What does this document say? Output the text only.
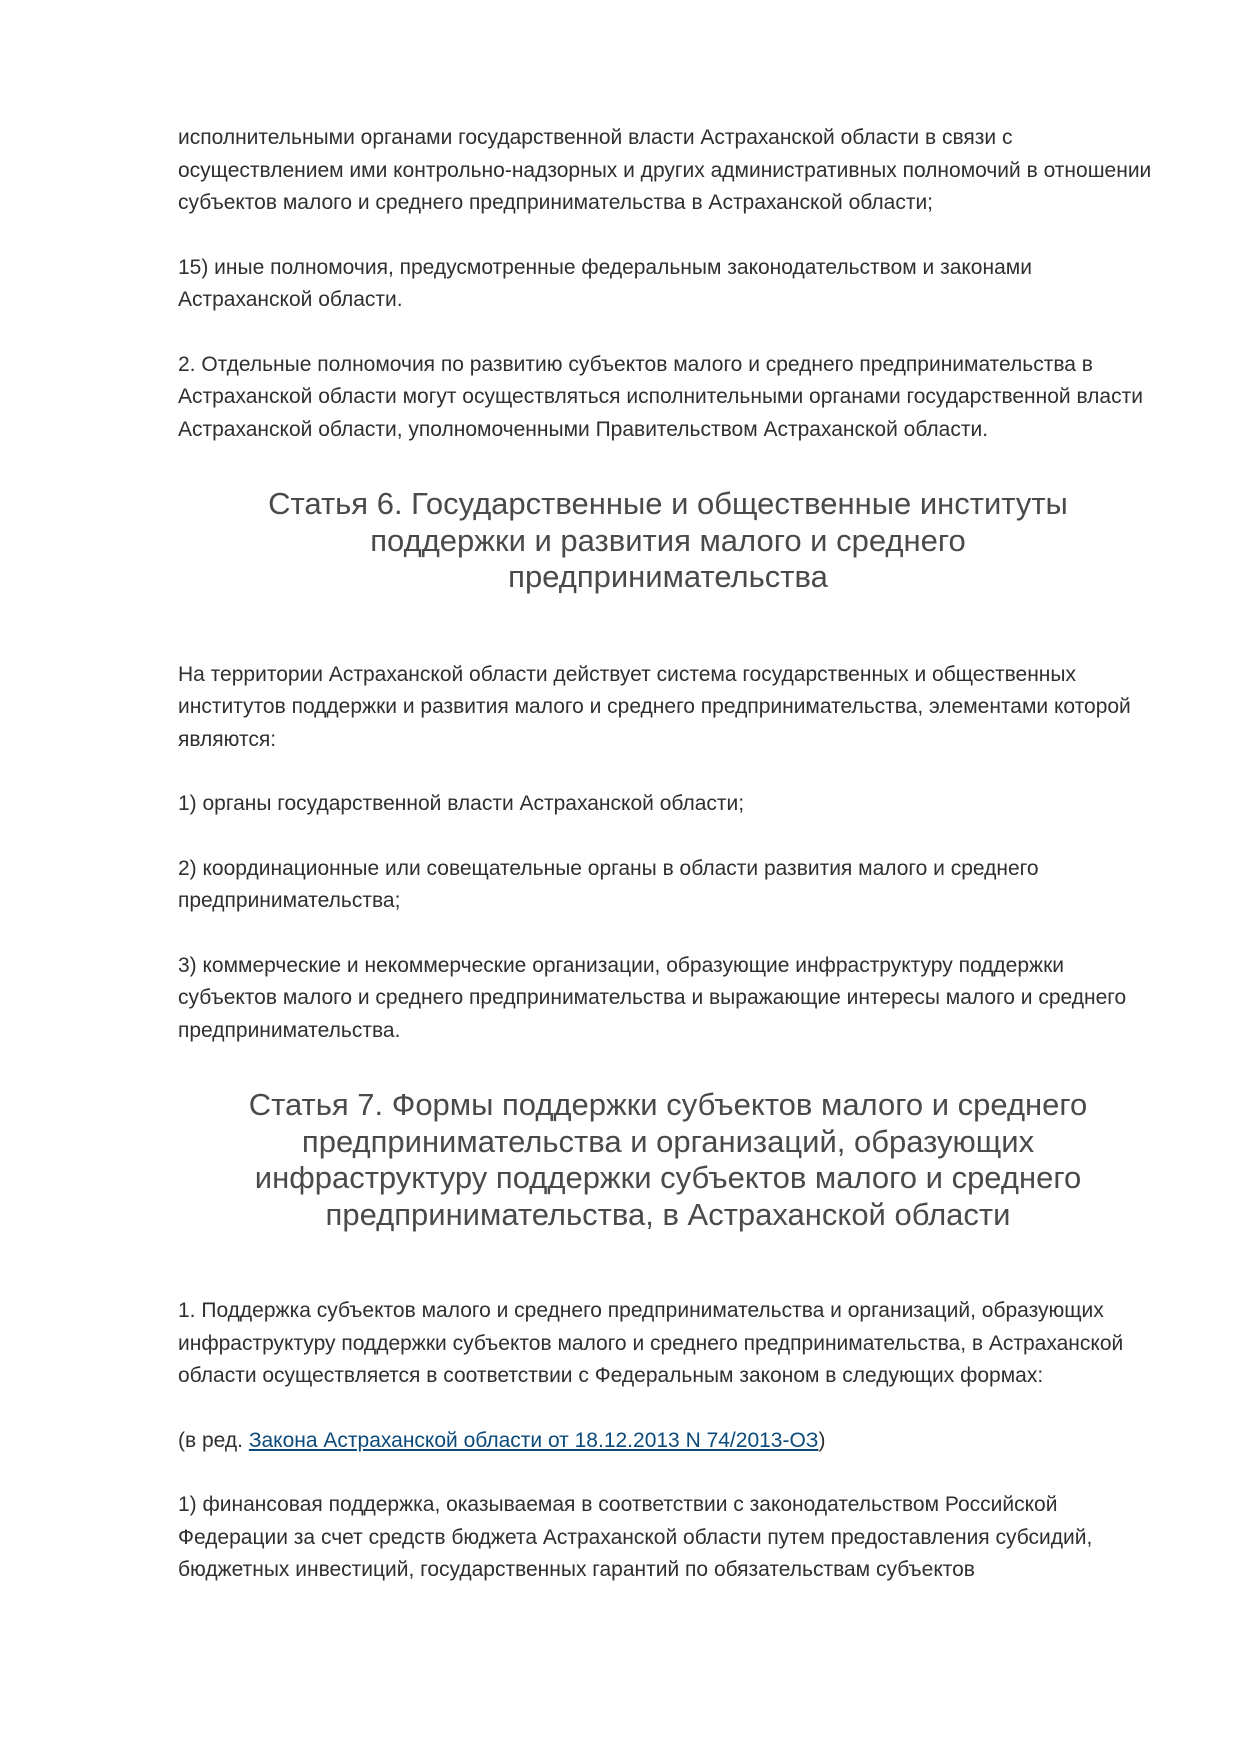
исполнительными органами государственной власти Астраханской области в связи с осуществлением ими контрольно-надзорных и других административных полномочий в отношении субъектов малого и среднего предпринимательства в Астраханской области;

15) иные полномочия, предусмотренные федеральным законодательством и законами Астраханской области.

2. Отдельные полномочия по развитию субъектов малого и среднего предпринимательства в Астраханской области могут осуществляться исполнительными органами государственной власти Астраханской области, уполномоченными Правительством Астраханской области.

Статья 6. Государственные и общественные институты поддержки и развития малого и среднего предпринимательства

На территории Астраханской области действует система государственных и общественных институтов поддержки и развития малого и среднего предпринимательства, элементами которой являются:

1) органы государственной власти Астраханской области;

2) координационные или совещательные органы в области развития малого и среднего предпринимательства;

3) коммерческие и некоммерческие организации, образующие инфраструктуру поддержки субъектов малого и среднего предпринимательства и выражающие интересы малого и среднего предпринимательства.

Статья 7. Формы поддержки субъектов малого и среднего предпринимательства и организаций, образующих инфраструктуру поддержки субъектов малого и среднего предпринимательства, в Астраханской области

1. Поддержка субъектов малого и среднего предпринимательства и организаций, образующих инфраструктуру поддержки субъектов малого и среднего предпринимательства, в Астраханской области осуществляется в соответствии с Федеральным законом в следующих формах:

(в ред. Закона Астраханской области от 18.12.2013 N 74/2013-ОЗ)

1) финансовая поддержка, оказываемая в соответствии с законодательством Российской Федерации за счет средств бюджета Астраханской области путем предоставления субсидий, бюджетных инвестиций, государственных гарантий по обязательствам субъектов
